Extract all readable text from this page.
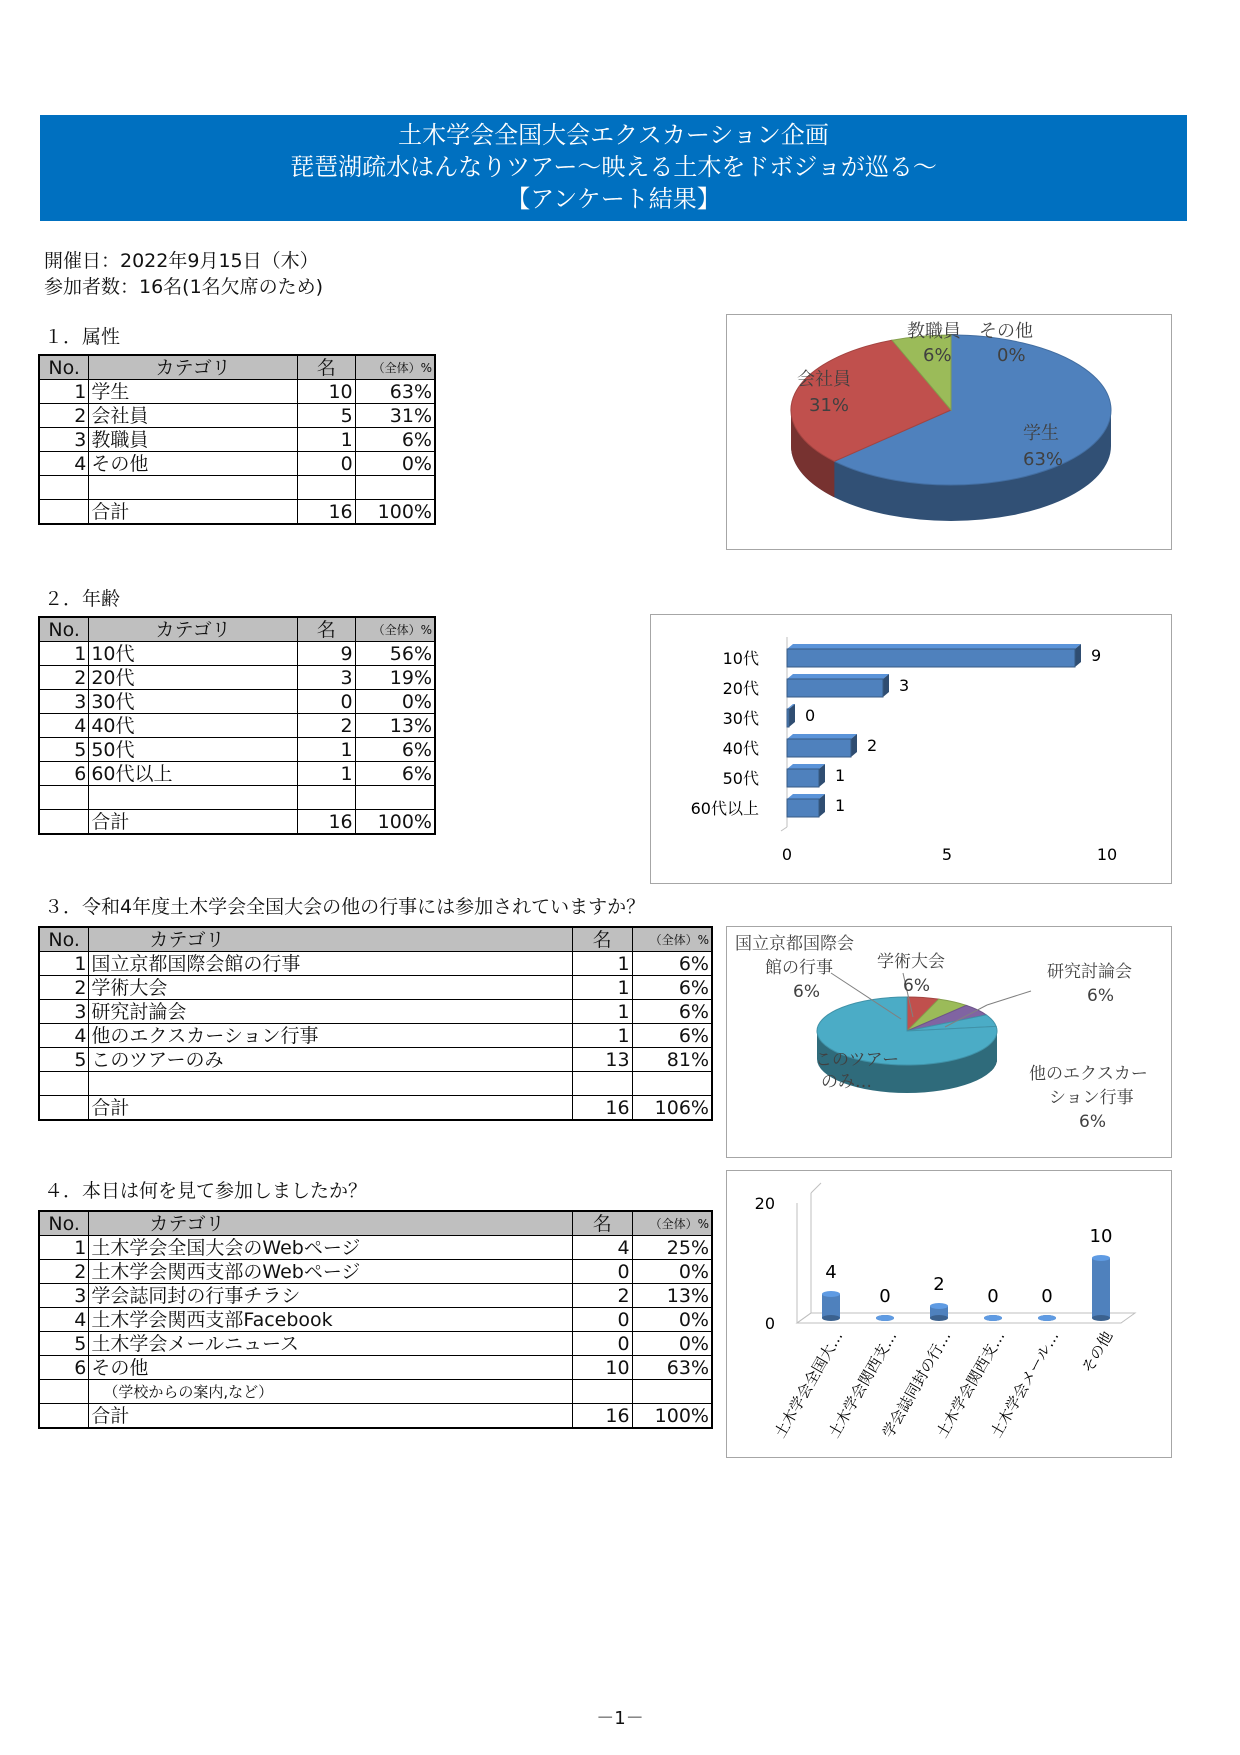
土木学会全国大会エクスカーション企画
琵琶湖疏水はんなりツアー～映える土木をドボジョが巡る～
【アンケート結果】
開催日：2022年9月15日（木）
参加者数：16名(1名欠席のため)
１．属性
No.	カテゴリ	名	（全体）%
1	学生	10	63%
2	会社員	5	31%
3	教職員	1	6%
4	その他	0	0%

	合計	16	100%
教職員
6%
その他
0%
会社員
31%
学生
63%
２．年齢
No.	カテゴリ	名	（全体）%
1	10代	9	56%
2	20代	3	19%
3	30代	0	0%
4	40代	2	13%
5	50代	1	6%
6	60代以上	1	6%

	合計	16	100%
10代	9
20代	3
30代	0
40代	2
50代	1
60代以上	1
0	5	10
３．令和4年度土木学会全国大会の他の行事には参加されていますか？
No.	カテゴリ	名	（全体）%
1	国立京都国際会館の行事	1	6%
2	学術大会	1	6%
3	研究討論会	1	6%
4	他のエクスカーション行事	1	6%
5	このツアーのみ	13	81%

	合計	16	106%
国立京都国際会
館の行事
6%
学術大会
6%
研究討論会
6%
このツアー
のみ…	他のエクスカー
ション行事
6%
４．本日は何を見て参加しましたか？
No.	カテゴリ	名	（全体）%
1	土木学会全国大会のWebページ	4	25%
2	土木学会関西支部のWebページ	0	0%
3	学会誌同封の行事チラシ	2	13%
4	土木学会関西支部Facebook	0	0%
5	土木学会メールニュース	0	0%
6	その他	10	63%
	（学校からの案内,など）		
	合計	16	100%
0
20
4
土木学会全国大…
0
土木学会関西支…
2
学会誌同封の行…
0
土木学会関西支…
0
土木学会メール…
10
その他
－1－
